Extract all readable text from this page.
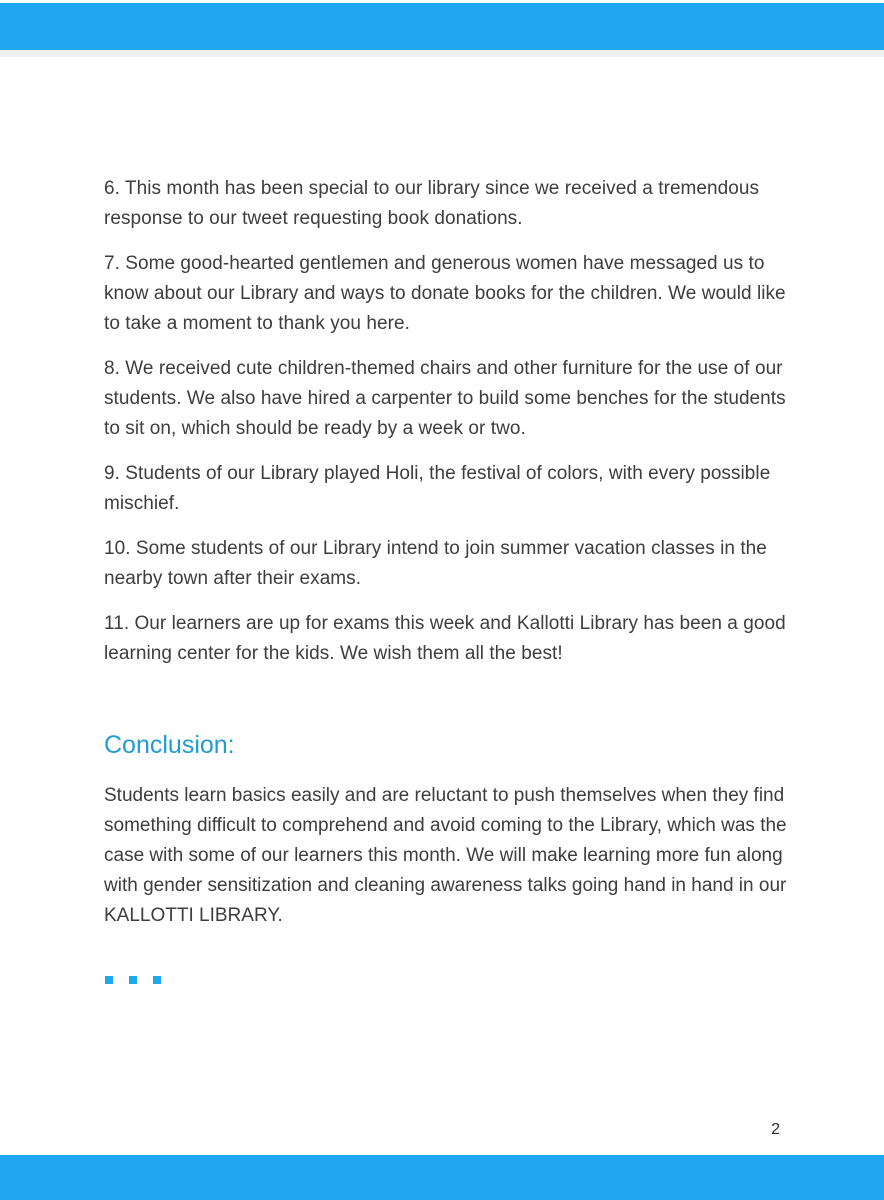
6. This month has been special to our library since we received a tremendous response to our tweet requesting book donations.

7. Some good-hearted gentlemen and generous women have messaged us to know about our Library and ways to donate books for the children. We would like to take a moment to thank you here.

8. We received cute children-themed chairs and other furniture for the use of our students. We also have hired a carpenter to build some benches for the students to sit on, which should be ready by a week or two.

9. Students of our Library played Holi, the festival of colors, with every possible mischief.

10. Some students of our Library intend to join summer vacation classes in the nearby town after their exams.

11. Our learners are up for exams this week and Kallotti Library has been a good learning center for the kids. We wish them all the best!

Conclusion:

Students learn basics easily and are reluctant to push themselves when they find something difficult to comprehend and avoid coming to the Library, which was the case with some of our learners this month. We will make learning more fun along with gender sensitization and cleaning awareness talks going hand in hand in our KALLOTTI LIBRARY.

2
